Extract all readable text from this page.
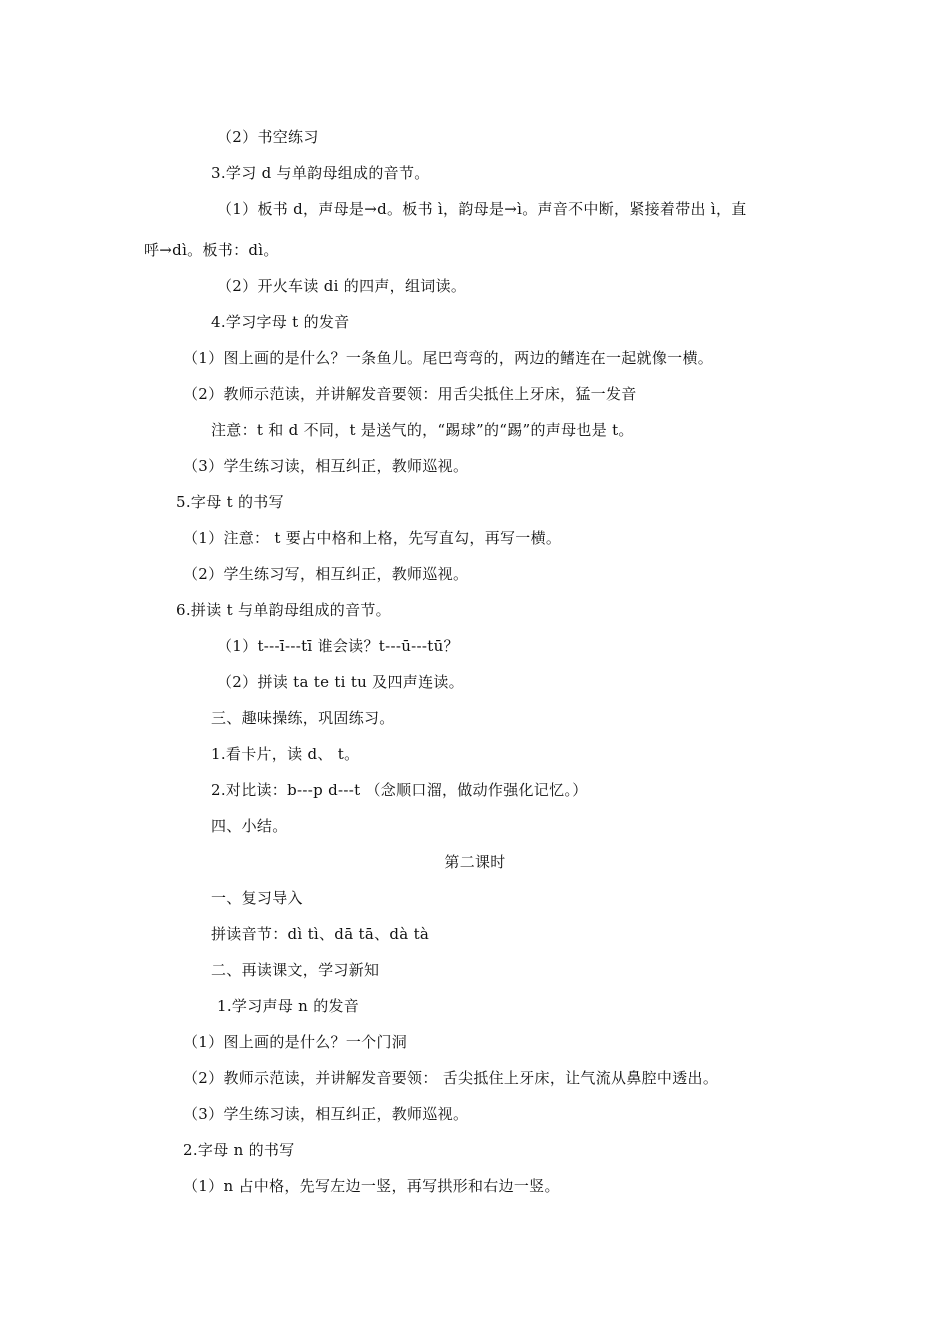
（2）书空练习
3.学习 d 与单韵母组成的音节。
（1）板书 d，声母是→d。板书 ì，韵母是→ì。声音不中断，紧接着带出 ì，直
呼→dì。板书：dì。
（2）开火车读 di 的四声，组词读。
4.学习字母 t 的发音
（1）图上画的是什么？一条鱼儿。尾巴弯弯的，两边的鳍连在一起就像一横。
（2）教师示范读，并讲解发音要领：用舌尖抵住上牙床，猛一发音
注意：t 和 d 不同，t 是送气的，“踢球”的“踢”的声母也是 t。
（3）学生练习读，相互纠正，教师巡视。
5.字母 t 的书写
（1）注意： t 要占中格和上格，先写直勾，再写一横。
（2）学生练习写，相互纠正，教师巡视。
6.拼读 t 与单韵母组成的音节。
（1）t---ī---tī 谁会读？t---ū---tū？
（2）拼读 ta te ti tu 及四声连读。
三、趣味操练，巩固练习。
1.看卡片，读 d、 t。
2.对比读：b---p d---t （念顺口溜，做动作强化记忆。）
四、小结。
第二课时
一、复习导入
拼读音节：dì tì、dā tā、dà tà
二、再读课文，学习新知
1.学习声母 n 的发音
（1）图上画的是什么？一个门洞
（2）教师示范读，并讲解发音要领： 舌尖抵住上牙床，让气流从鼻腔中透出。
（3）学生练习读，相互纠正，教师巡视。
2.字母 n 的书写
（1）n 占中格，先写左边一竖，再写拱形和右边一竖。
